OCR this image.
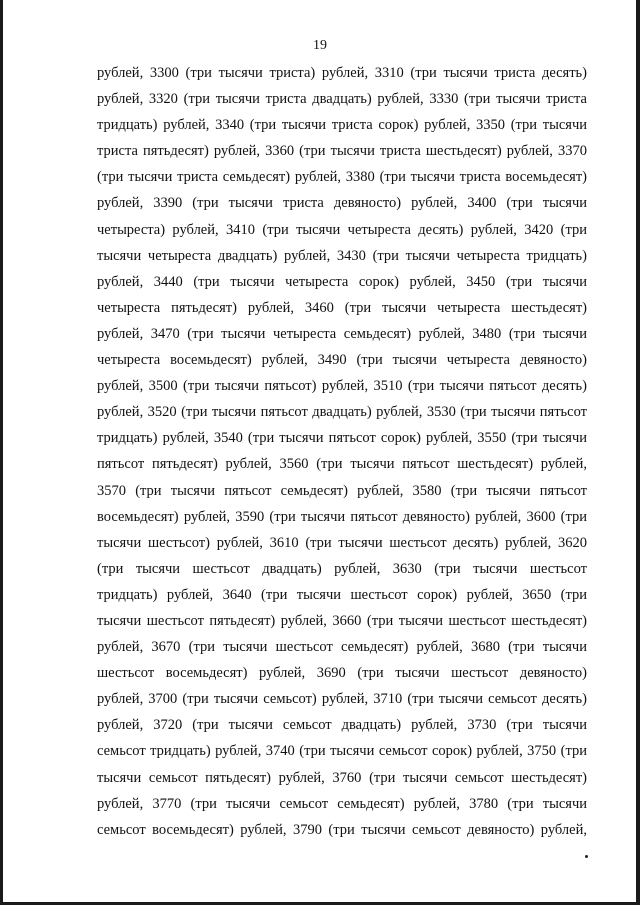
19
рублей, 3300 (три тысячи триста) рублей, 3310 (три тысячи триста десять)
рублей, 3320 (три тысячи триста двадцать) рублей, 3330 (три тысячи триста
тридцать) рублей, 3340 (три тысячи триста сорок) рублей, 3350 (три тысячи
триста пятьдесят) рублей, 3360 (три тысячи триста шестьдесят) рублей, 3370
(три тысячи триста семьдесят) рублей, 3380 (три тысячи триста восемьдесят)
рублей, 3390 (три тысячи триста девяносто) рублей, 3400 (три тысячи
четыреста) рублей, 3410 (три тысячи четыреста десять) рублей, 3420 (три
тысячи четыреста двадцать) рублей, 3430 (три тысячи четыреста тридцать)
рублей, 3440 (три тысячи четыреста сорок) рублей, 3450 (три тысячи
четыреста пятьдесят) рублей, 3460 (три тысячи четыреста шестьдесят)
рублей, 3470 (три тысячи четыреста семьдесят) рублей, 3480 (три тысячи
четыреста восемьдесят) рублей, 3490 (три тысячи четыреста девяносто)
рублей, 3500 (три тысячи пятьсот) рублей, 3510 (три тысячи пятьсот десять)
рублей, 3520 (три тысячи пятьсот двадцать) рублей, 3530 (три тысячи пятьсот
тридцать) рублей, 3540 (три тысячи пятьсот сорок) рублей, 3550 (три тысячи
пятьсот пятьдесят) рублей, 3560 (три тысячи пятьсот шестьдесят) рублей,
3570 (три тысячи пятьсот семьдесят) рублей, 3580 (три тысячи пятьсот
восемьдесят) рублей, 3590 (три тысячи пятьсот девяносто) рублей, 3600 (три
тысячи шестьсот) рублей, 3610 (три тысячи шестьсот десять) рублей, 3620
(три тысячи шестьсот двадцать) рублей, 3630 (три тысячи шестьсот
тридцать) рублей, 3640 (три тысячи шестьсот сорок) рублей, 3650 (три
тысячи шестьсот пятьдесят) рублей, 3660 (три тысячи шестьсот шестьдесят)
рублей, 3670 (три тысячи шестьсот семьдесят) рублей, 3680 (три тысячи
шестьсот восемьдесят) рублей, 3690 (три тысячи шестьсот девяносто)
рублей, 3700 (три тысячи семьсот) рублей, 3710 (три тысячи семьсот десять)
рублей, 3720 (три тысячи семьсот двадцать) рублей, 3730 (три тысячи
семьсот тридцать) рублей, 3740 (три тысячи семьсот сорок) рублей, 3750 (три
тысячи семьсот пятьдесят) рублей, 3760 (три тысячи семьсот шестьдесят)
рублей, 3770 (три тысячи семьсот семьдесят) рублей, 3780 (три тысячи
семьсот восемьдесят) рублей, 3790 (три тысячи семьсот девяносто) рублей,
